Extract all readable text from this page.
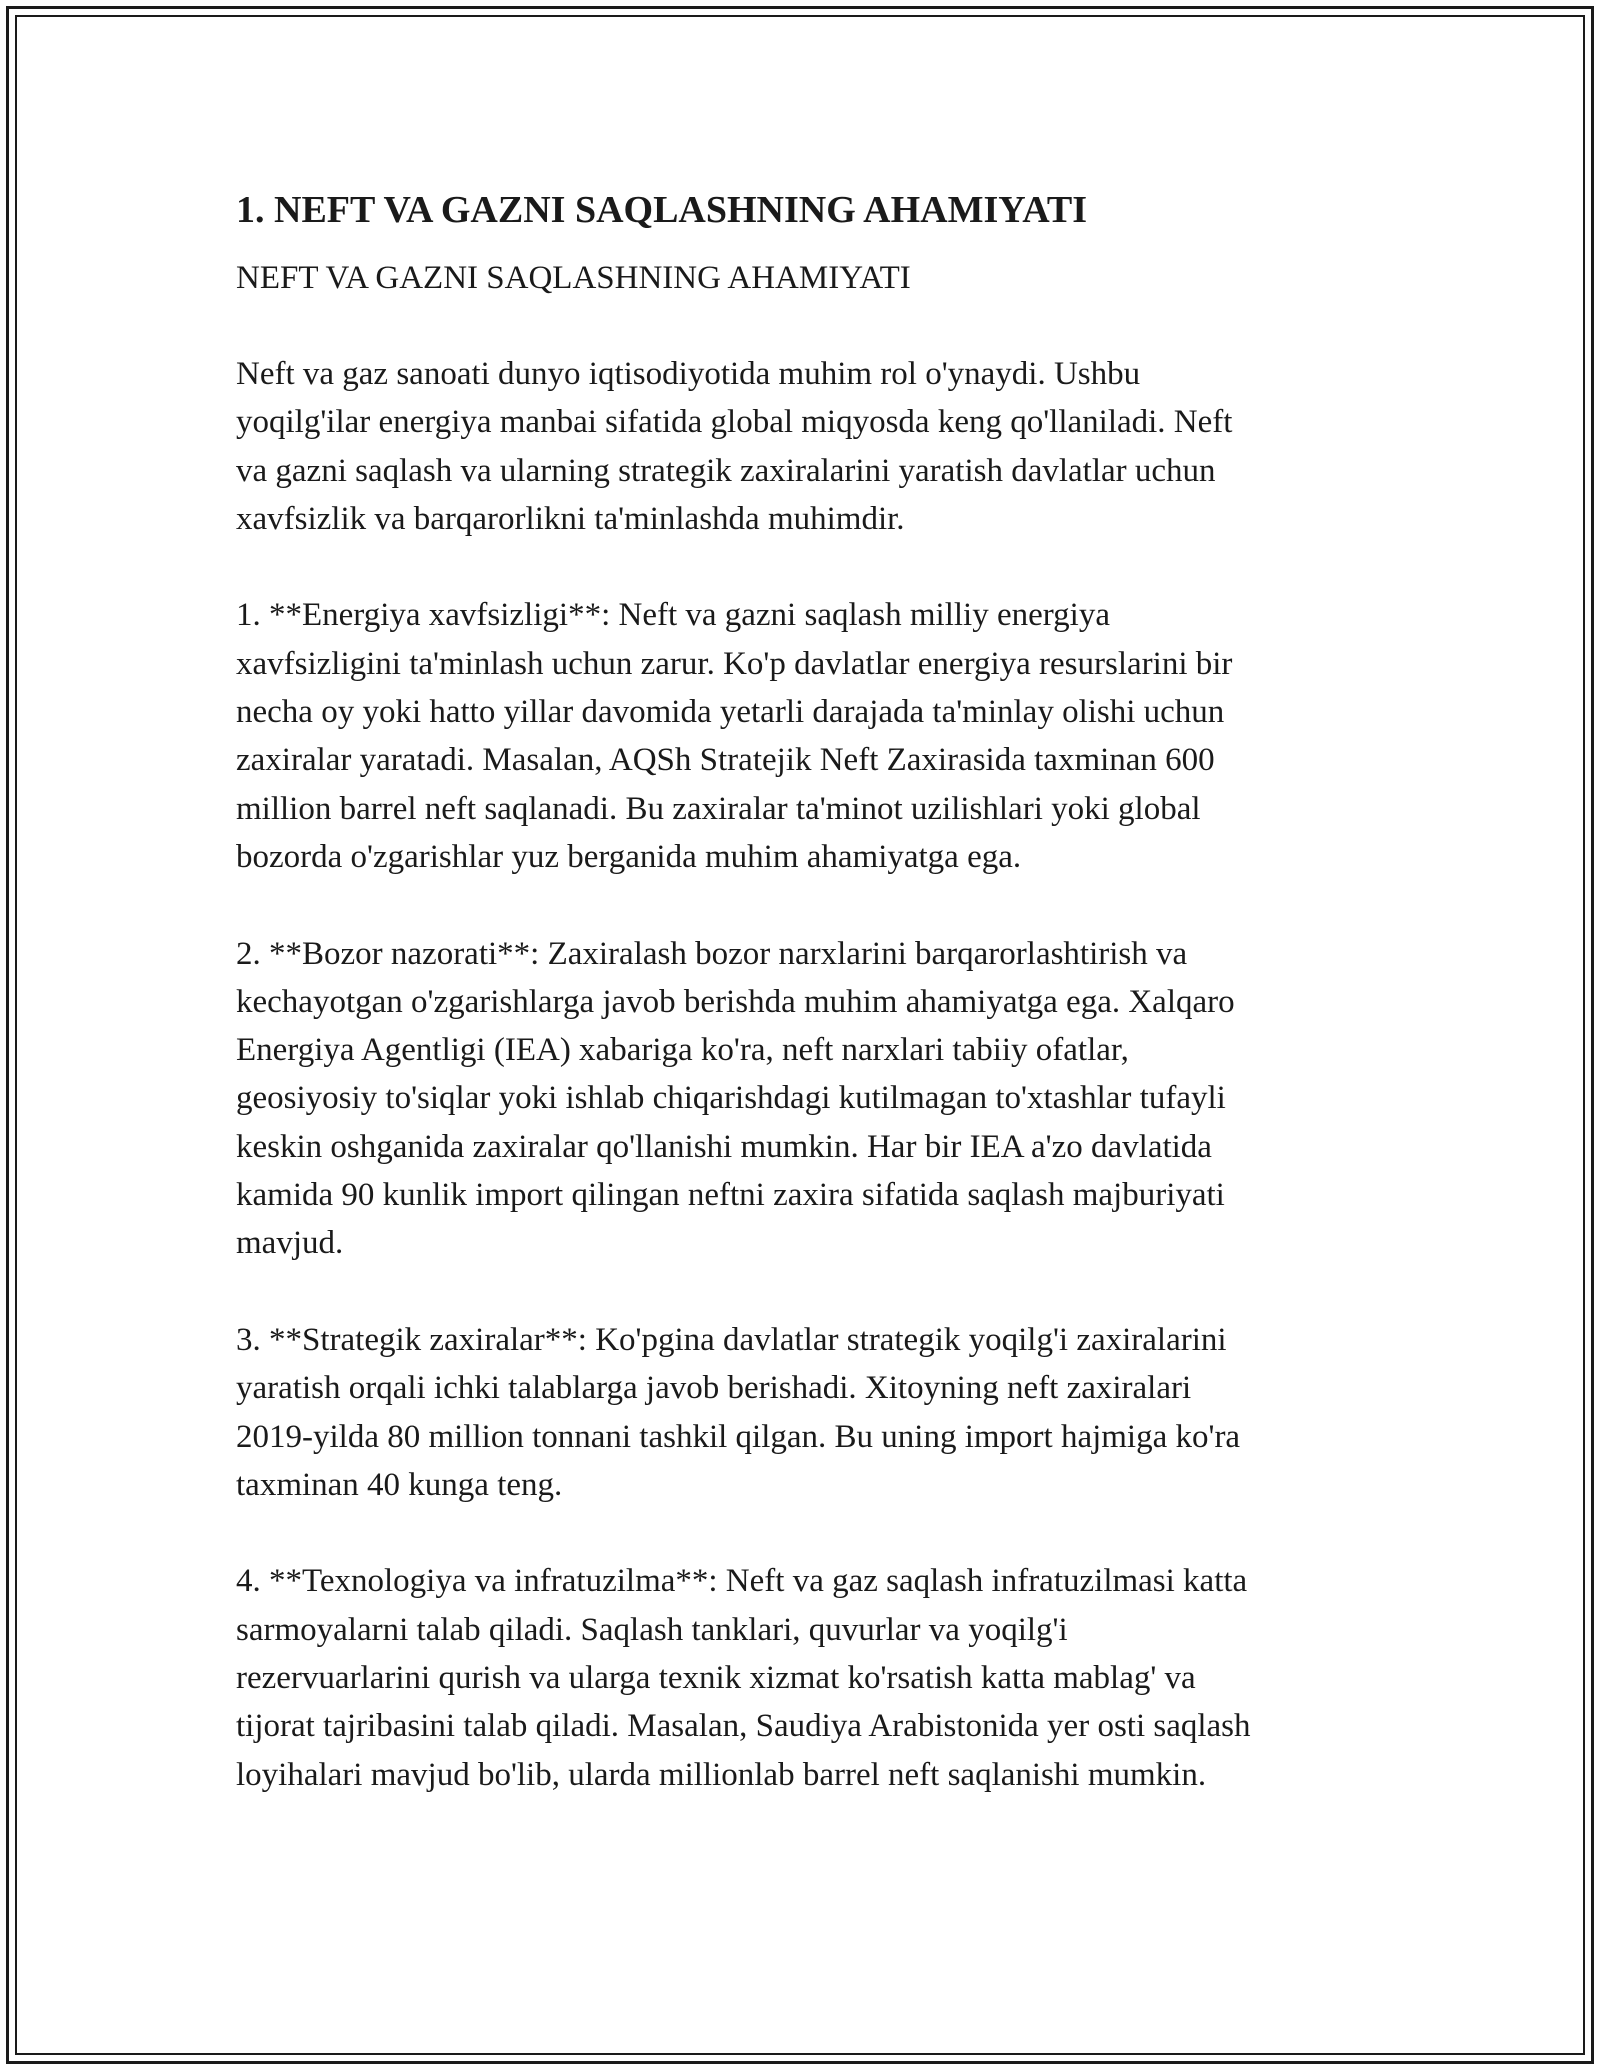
1. NEFT VA GAZNI SAQLASHNING AHAMIYATI
NEFT VA GAZNI SAQLASHNING AHAMIYATI
Neft va gaz sanoati dunyo iqtisodiyotida muhim rol o'ynaydi. Ushbu
yoqilg'ilar energiya manbai sifatida global miqyosda keng qo'llaniladi. Neft
va gazni saqlash va ularning strategik zaxiralarini yaratish davlatlar uchun
xavfsizlik va barqarorlikni ta'minlashda muhimdir.
1. **Energiya xavfsizligi**: Neft va gazni saqlash milliy energiya
xavfsizligini ta'minlash uchun zarur. Ko'p davlatlar energiya resurslarini bir
necha oy yoki hatto yillar davomida yetarli darajada ta'minlay olishi uchun
zaxiralar yaratadi. Masalan, AQSh Stratejik Neft Zaxirasida taxminan 600
million barrel neft saqlanadi. Bu zaxiralar ta'minot uzilishlari yoki global
bozorda o'zgarishlar yuz berganida muhim ahamiyatga ega.
2. **Bozor nazorati**: Zaxiralash bozor narxlarini barqarorlashtirish va
kechayotgan o'zgarishlarga javob berishda muhim ahamiyatga ega. Xalqaro
Energiya Agentligi (IEA) xabariga ko'ra, neft narxlari tabiiy ofatlar,
geosiyosiy to'siqlar yoki ishlab chiqarishdagi kutilmagan to'xtashlar tufayli
keskin oshganida zaxiralar qo'llanishi mumkin. Har bir IEA a'zo davlatida
kamida 90 kunlik import qilingan neftni zaxira sifatida saqlash majburiyati
mavjud.
3. **Strategik zaxiralar**: Ko'pgina davlatlar strategik yoqilg'i zaxiralarini
yaratish orqali ichki talablarga javob berishadi. Xitoyning neft zaxiralari
2019-yilda 80 million tonnani tashkil qilgan. Bu uning import hajmiga ko'ra
taxminan 40 kunga teng.
4. **Texnologiya va infratuzilma**: Neft va gaz saqlash infratuzilmasi katta
sarmoyalarni talab qiladi. Saqlash tanklari, quvurlar va yoqilg'i
rezervuarlarini qurish va ularga texnik xizmat ko'rsatish katta mablag' va
tijorat tajribasini talab qiladi. Masalan, Saudiya Arabistonida yer osti saqlash
loyihalari mavjud bo'lib, ularda millionlab barrel neft saqlanishi mumkin.
